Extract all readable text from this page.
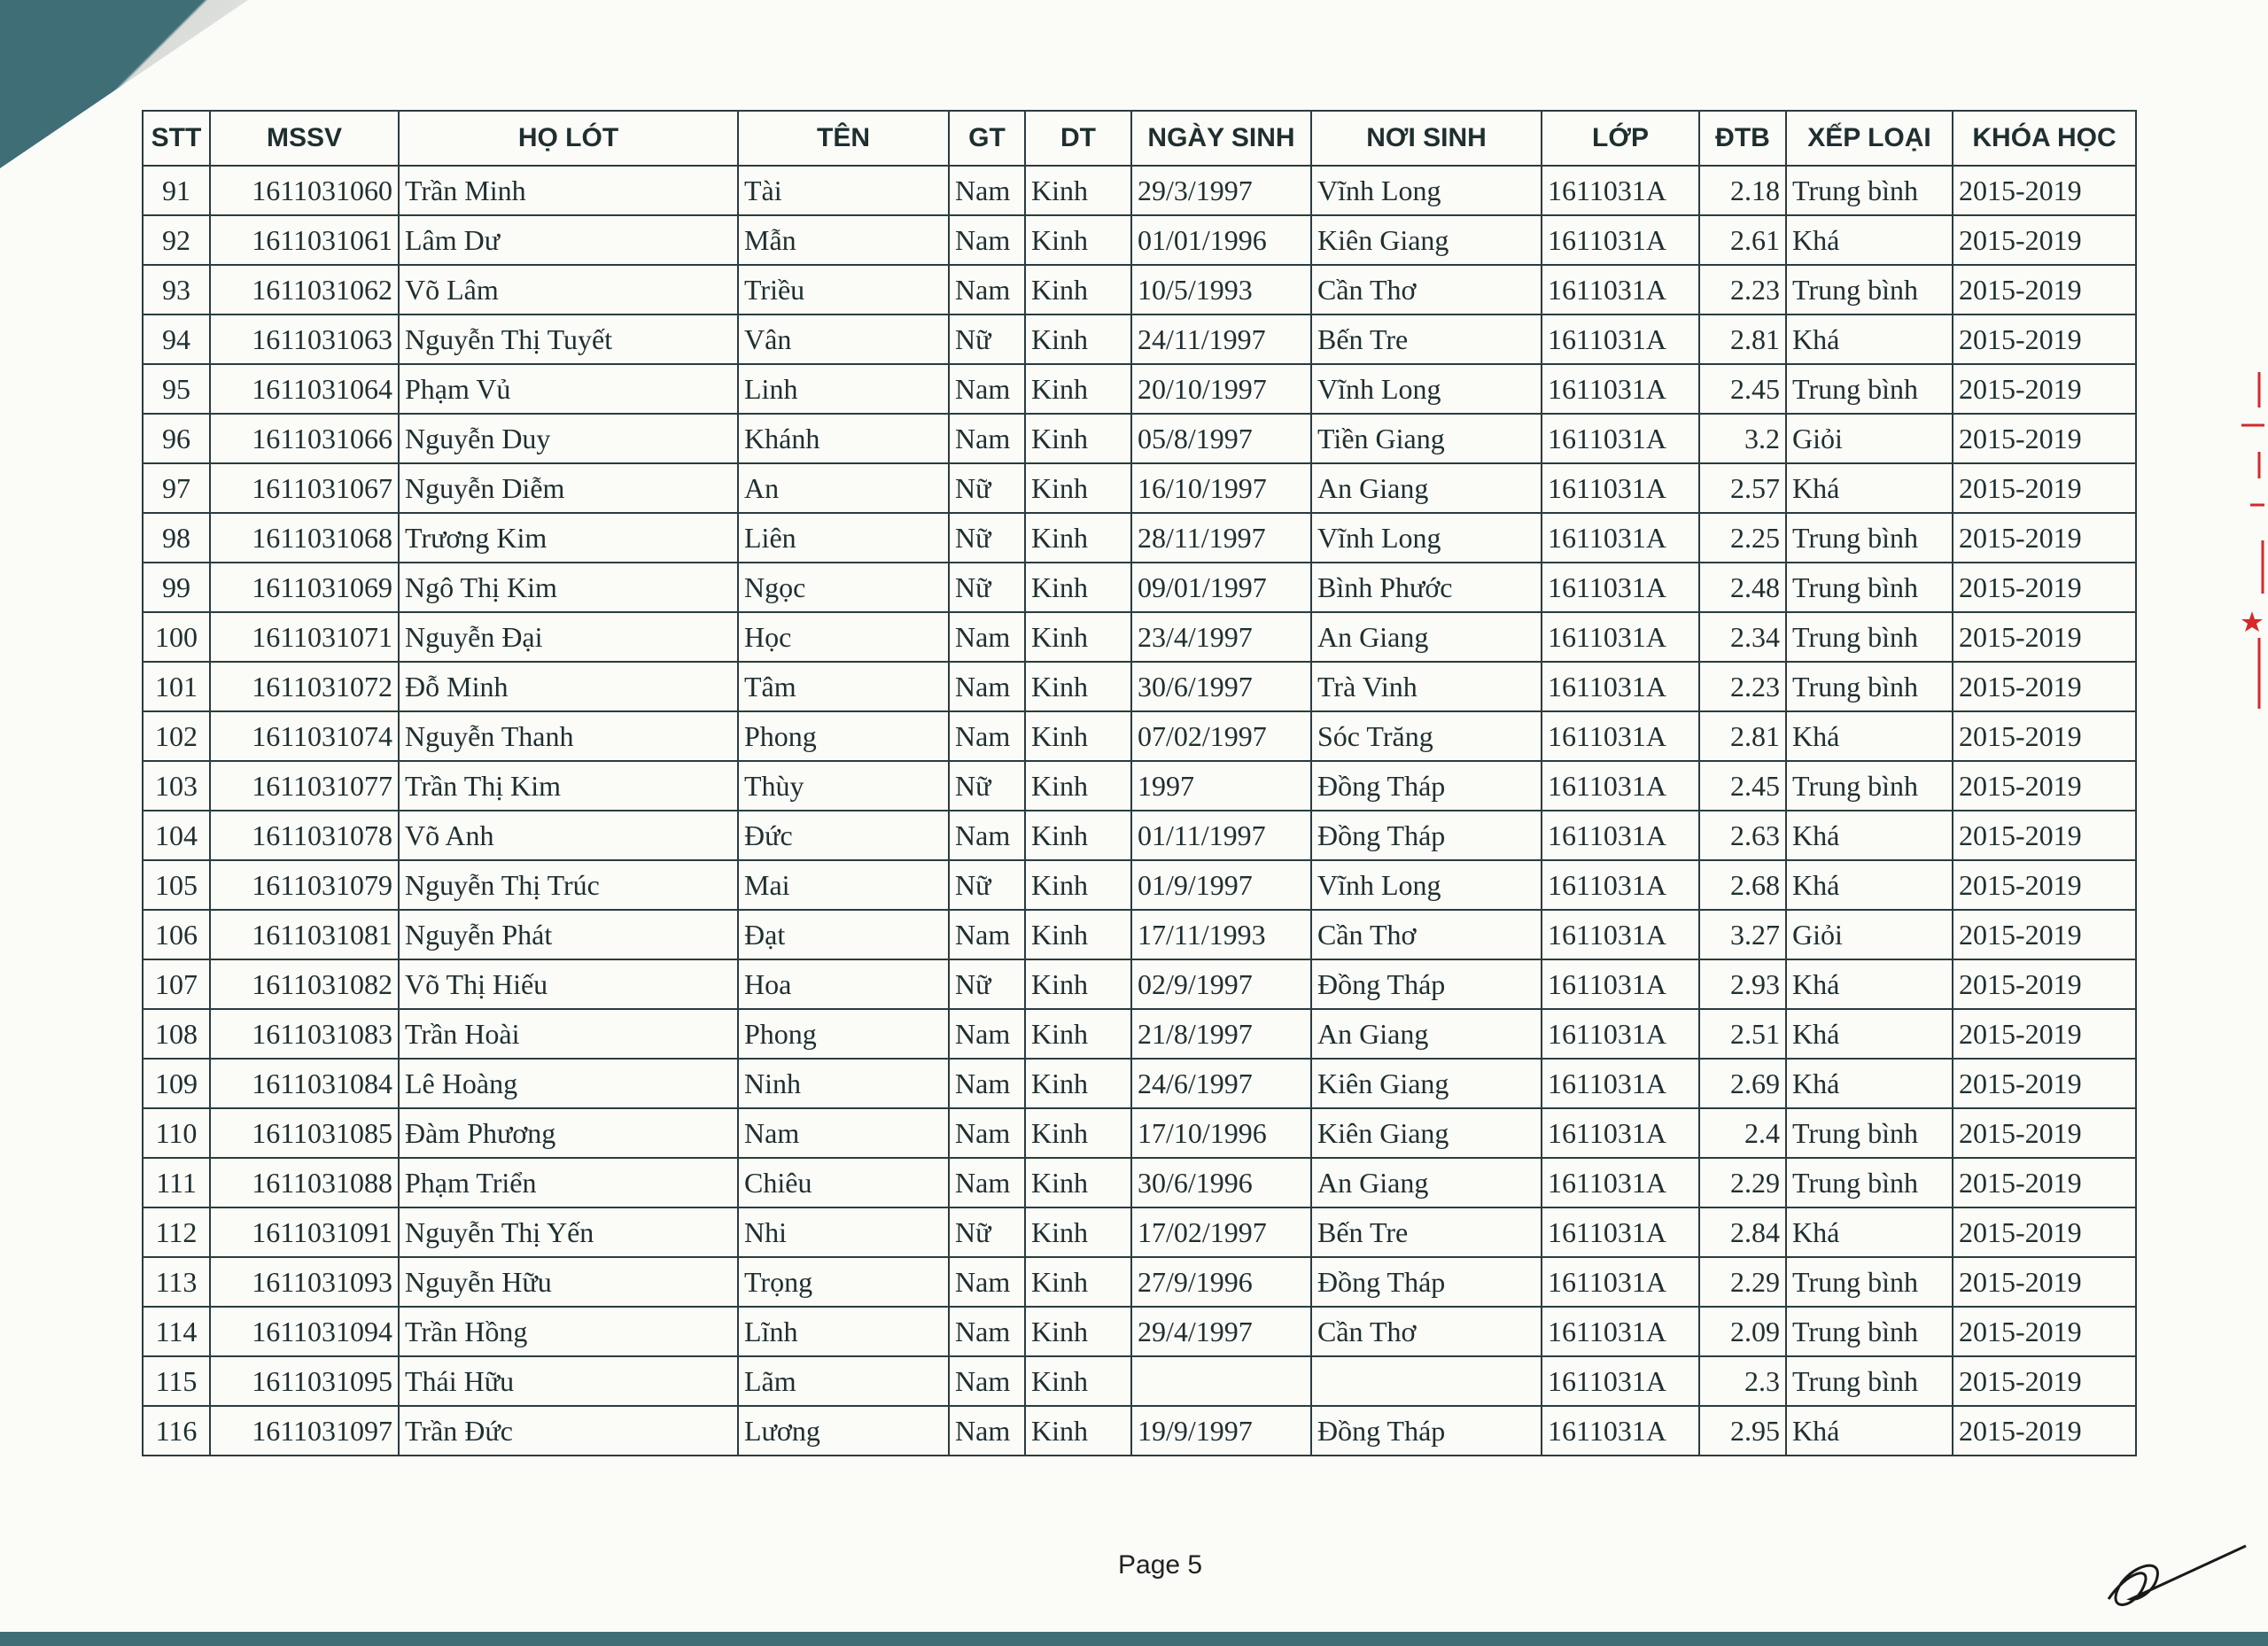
STT	MSSV	HỌ LÓT	TÊN	GT	DT	NGÀY SINH	NƠI SINH	LỚP	ĐTB	XẾP LOẠI	KHÓA HỌC
91	1611031060	Trần Minh	Tài	Nam	Kinh	29/3/1997	Vĩnh Long	1611031A	2.18	Trung bình	2015-2019
92	1611031061	Lâm Dư	Mẫn	Nam	Kinh	01/01/1996	Kiên Giang	1611031A	2.61	Khá	2015-2019
93	1611031062	Võ Lâm	Triều	Nam	Kinh	10/5/1993	Cần Thơ	1611031A	2.23	Trung bình	2015-2019
94	1611031063	Nguyễn Thị Tuyết	Vân	Nữ	Kinh	24/11/1997	Bến Tre	1611031A	2.81	Khá	2015-2019
95	1611031064	Phạm Vủ	Linh	Nam	Kinh	20/10/1997	Vĩnh Long	1611031A	2.45	Trung bình	2015-2019
96	1611031066	Nguyễn Duy	Khánh	Nam	Kinh	05/8/1997	Tiền Giang	1611031A	3.2	Giỏi	2015-2019
97	1611031067	Nguyễn Diễm	An	Nữ	Kinh	16/10/1997	An Giang	1611031A	2.57	Khá	2015-2019
98	1611031068	Trương Kim	Liên	Nữ	Kinh	28/11/1997	Vĩnh Long	1611031A	2.25	Trung bình	2015-2019
99	1611031069	Ngô Thị Kim	Ngọc	Nữ	Kinh	09/01/1997	Bình Phước	1611031A	2.48	Trung bình	2015-2019
100	1611031071	Nguyễn Đại	Học	Nam	Kinh	23/4/1997	An Giang	1611031A	2.34	Trung bình	2015-2019
101	1611031072	Đỗ Minh	Tâm	Nam	Kinh	30/6/1997	Trà Vinh	1611031A	2.23	Trung bình	2015-2019
102	1611031074	Nguyễn Thanh	Phong	Nam	Kinh	07/02/1997	Sóc Trăng	1611031A	2.81	Khá	2015-2019
103	1611031077	Trần Thị Kim	Thùy	Nữ	Kinh	1997	Đồng Tháp	1611031A	2.45	Trung bình	2015-2019
104	1611031078	Võ Anh	Đức	Nam	Kinh	01/11/1997	Đồng Tháp	1611031A	2.63	Khá	2015-2019
105	1611031079	Nguyễn Thị Trúc	Mai	Nữ	Kinh	01/9/1997	Vĩnh Long	1611031A	2.68	Khá	2015-2019
106	1611031081	Nguyễn Phát	Đạt	Nam	Kinh	17/11/1993	Cần Thơ	1611031A	3.27	Giỏi	2015-2019
107	1611031082	Võ Thị Hiếu	Hoa	Nữ	Kinh	02/9/1997	Đồng Tháp	1611031A	2.93	Khá	2015-2019
108	1611031083	Trần Hoài	Phong	Nam	Kinh	21/8/1997	An Giang	1611031A	2.51	Khá	2015-2019
109	1611031084	Lê Hoàng	Ninh	Nam	Kinh	24/6/1997	Kiên Giang	1611031A	2.69	Khá	2015-2019
110	1611031085	Đàm Phương	Nam	Nam	Kinh	17/10/1996	Kiên Giang	1611031A	2.4	Trung bình	2015-2019
111	1611031088	Phạm Triển	Chiêu	Nam	Kinh	30/6/1996	An Giang	1611031A	2.29	Trung bình	2015-2019
112	1611031091	Nguyễn Thị Yến	Nhi	Nữ	Kinh	17/02/1997	Bến Tre	1611031A	2.84	Khá	2015-2019
113	1611031093	Nguyễn Hữu	Trọng	Nam	Kinh	27/9/1996	Đồng Tháp	1611031A	2.29	Trung bình	2015-2019
114	1611031094	Trần Hồng	Lĩnh	Nam	Kinh	29/4/1997	Cần Thơ	1611031A	2.09	Trung bình	2015-2019
115	1611031095	Thái Hữu	Lãm	Nam	Kinh			1611031A	2.3	Trung bình	2015-2019
116	1611031097	Trần Đức	Lương	Nam	Kinh	19/9/1997	Đồng Tháp	1611031A	2.95	Khá	2015-2019
Page 5
